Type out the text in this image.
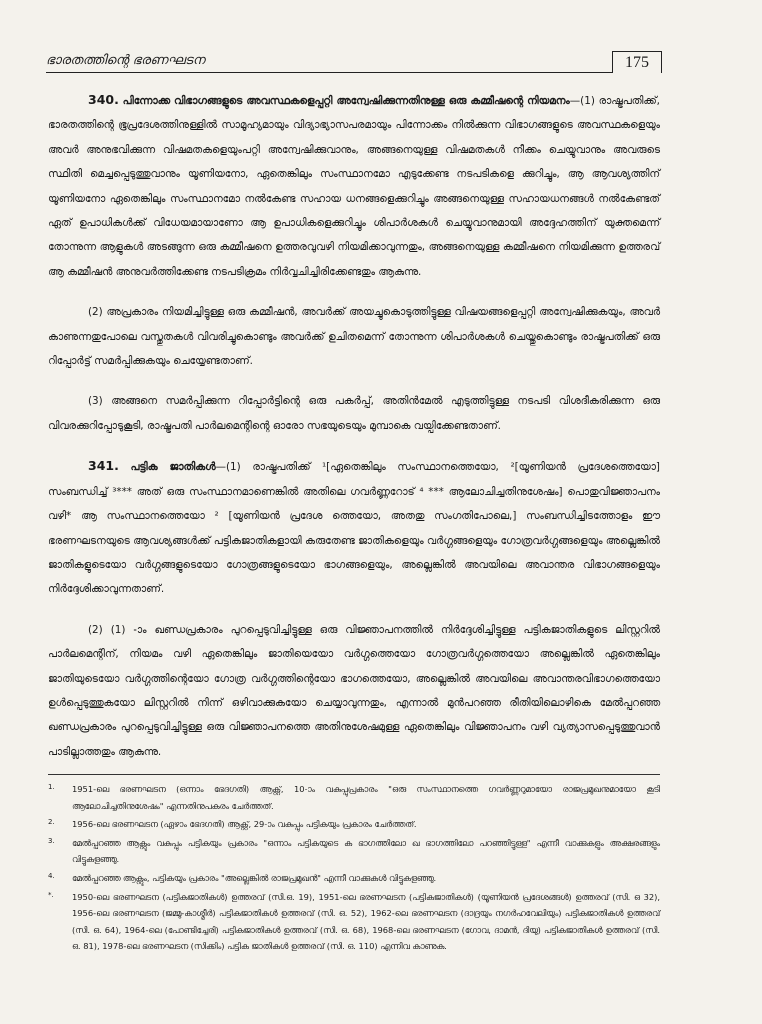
ഭാരതത്തിന്റെ ഭരണഘടന	175

340. പിന്നോക്ക വിഭാഗങ്ങളുടെ അവസ്ഥകളെപ്പറ്റി അന്വേഷിക്കുന്നതിനുള്ള ഒരു കമ്മീഷന്റെ നിയമനം—(1) രാഷ്ട്രപതിക്ക്, ഭാരതത്തിന്റെ ഭൂപ്രദേശത്തിനുള്ളിൽ സാമൂഹ്യമായും വിദ്യാഭ്യാസപരമായും പിന്നോക്കം നിൽക്കുന്ന വിഭാഗങ്ങളുടെ അവസ്ഥകളെയും അവർ അനുഭവിക്കുന്ന വിഷമതകളെയുംപറ്റി അന്വേഷിക്കുവാനും, അങ്ങനെയുള്ള വിഷമതകൾ നീക്കം ചെയ്യുവാനും അവരുടെ സ്ഥിതി മെച്ചപ്പെടുത്തുവാനും യൂണിയനോ, ഏതെങ്കിലും സംസ്ഥാനമോ എടുക്കേണ്ട നടപടികളെ ക്കുറിച്ചും, ആ ആവശ്യത്തിന് യൂണിയനോ ഏതെങ്കിലും സംസ്ഥാനമോ നൽകേണ്ട സഹായ ധനങ്ങളെക്കുറിച്ചും അങ്ങനെയുള്ള സഹായധനങ്ങൾ നൽകേണ്ടത് ഏത് ഉപാധികൾക്ക് വിധേയമായാണോ ആ ഉപാധികളെക്കുറിച്ചും ശിപാർശകൾ ചെയ്യുവാനുമായി അദ്ദേഹത്തിന് യുക്തമെന്ന് തോന്നുന്ന ആളുകൾ അടങ്ങുന്ന ഒരു കമ്മീഷനെ ഉത്തരവുവഴി നിയമിക്കാവുന്നതും, അങ്ങനെയുള്ള കമ്മീഷനെ നിയമിക്കുന്ന ഉത്തരവ് ആ കമ്മീഷൻ അനുവർത്തിക്കേണ്ട നടപടിക്രമം നിർവ്വചിച്ചിരിക്കേണ്ടതും ആകുന്നു.

(2) അപ്രകാരം നിയമിച്ചിട്ടുള്ള ഒരു കമ്മീഷൻ, അവർക്ക് അയച്ചുകൊടുത്തിട്ടുള്ള വിഷയങ്ങളെപ്പറ്റി അന്വേഷിക്കുകയും, അവർ കാണുന്നതുപോലെ വസ്തുതകൾ വിവരിച്ചുകൊണ്ടും അവർക്ക് ഉചിതമെന്ന് തോന്നുന്ന ശിപാർശകൾ ചെയ്തുകൊണ്ടും രാഷ്ട്രപതിക്ക് ഒരു റിപ്പോർട്ട് സമർപ്പിക്കുകയും ചെയ്യേണ്ടതാണ്.

(3) അങ്ങനെ സമർപ്പിക്കുന്ന റിപ്പോർട്ടിന്റെ ഒരു പകർപ്പ്, അതിൻമേൽ എടുത്തിട്ടുള്ള നടപടി വിശദീകരിക്കുന്ന ഒരു വിവരക്കുറിപ്പോടുകൂടി, രാഷ്ട്രപതി പാർലമെന്റിന്റെ ഓരോ സഭയുടെയും മുമ്പാകെ വയ്പിക്കേണ്ടതാണ്.

341. പട്ടിക ജാതികൾ—(1) രാഷ്ട്രപതിക്ക് ¹[ഏതെങ്കിലും സംസ്ഥാനത്തെയോ, ²[യൂണിയൻ പ്രദേശത്തെയോ] സംബന്ധിച്ച് ³*** അത് ഒരു സംസ്ഥാനമാണെങ്കിൽ അതിലെ ഗവർണ്ണറോട് ⁴ *** ആലോചിച്ചതിനുശേഷം] പൊതുവിജ്ഞാപനം വഴി* ആ സംസ്ഥാനത്തെയോ ² [യൂണിയൻ പ്രദേശ ത്തെയോ, അതതു സംഗതിപോലെ,] സംബന്ധിച്ചിടത്തോളം ഈ ഭരണഘടനയുടെ ആവശ്യങ്ങൾക്ക് പട്ടികജാതികളായി കരുതേണ്ട ജാതികളെയും വർഗ്ഗങ്ങളെയും ഗോത്രവർഗ്ഗങ്ങളെയും അല്ലെങ്കിൽ ജാതികളുടെയോ വർഗ്ഗങ്ങളുടെയോ ഗോത്രങ്ങളുടെയോ ഭാഗങ്ങളെയും, അല്ലെങ്കിൽ അവയിലെ അവാന്തര വിഭാഗങ്ങളെയും നിർദ്ദേശിക്കാവുന്നതാണ്.

(2) (1) -ാം ഖണ്ഡപ്രകാരം പുറപ്പെടുവിച്ചിട്ടുള്ള ഒരു വിജ്ഞാപനത്തിൽ നിർദ്ദേശിച്ചിട്ടുള്ള പട്ടികജാതികളുടെ ലിസ്റ്ററിൽ പാർലമെന്റിന്, നിയമം വഴി ഏതെങ്കിലും ജാതിയെയോ വർഗ്ഗത്തെയോ ഗോത്രവർഗ്ഗത്തെയോ അല്ലെങ്കിൽ ഏതെങ്കിലും ജാതിയുടെയോ വർഗ്ഗത്തിന്റെയോ ഗോത്ര വർഗ്ഗത്തിന്റെയോ ഭാഗത്തെയോ, അല്ലെങ്കിൽ അവയിലെ അവാന്തരവിഭാഗത്തെയോ ഉൾപ്പെടുത്തുകയോ ലിസ്റ്ററിൽ നിന്ന് ഒഴിവാക്കുകയോ ചെയ്യാവുന്നതും, എന്നാൽ മുൻപറഞ്ഞ രീതിയിലൊഴികെ മേൽപ്പറഞ്ഞ ഖണ്ഡപ്രകാരം പുറപ്പെടുവിച്ചിട്ടുള്ള ഒരു വിജ്ഞാപനത്തെ അതിനുശേഷമുള്ള ഏതെങ്കിലും വിജ്ഞാപനം വഴി വ്യത്യാസപ്പെടുത്തുവാൻ പാടില്ലാത്തതും ആകുന്നു.

1. 1951-ലെ ഭരണഘടന (ഒന്നാം ഭേദഗതി) ആക്റ്റ്, 10-ാം വകുപ്പുപ്രകാരം "ഒരു സംസ്ഥാനത്തെ ഗവർണ്ണറുമായോ രാജപ്രമുഖനുമായോ കൂടി ആലോചിച്ചതിനുശേഷം" എന്നതിനുപകരം ചേർത്തത്.

2. 1956-ലെ ഭരണഘടന (ഏഴാം ഭേദഗതി) ആക്റ്റ്, 29-ാം വകുപ്പും പട്ടികയും പ്രകാരം ചേർത്തത്.

3. മേൽപ്പറഞ്ഞ ആക്റ്റും വകുപ്പും പട്ടികയും പ്രകാരം "ഒന്നാം പട്ടികയുടെ ക ഭാഗത്തിലോ ഖ ഭാഗത്തിലോ പറഞ്ഞിട്ടുള്ള" എന്നീ വാക്കുകളും അക്ഷരങ്ങളും വിട്ടുകളഞ്ഞു.

4. മേൽപ്പറഞ്ഞ ആക്റ്റും, പട്ടികയും പ്രകാരം "അല്ലെങ്കിൽ രാജപ്രമുഖൻ" എന്നീ വാക്കുകൾ വിട്ടുകളഞ്ഞു.

*. 1950-ലെ ഭരണഘടന (പട്ടികജാതികൾ) ഉത്തരവ് (സി.ഒ. 19), 1951-ലെ ഭരണഘടന (പട്ടികജാതികൾ) (യൂണിയൻ പ്രദേശങ്ങൾ) ഉത്തരവ് (സി. ഒ 32), 1956-ലെ ഭരണഘടന (ജമ്മു-കാശ്മീർ) പട്ടികജാതികൾ ഉത്തരവ് (സി. ഒ. 52), 1962-ലെ ഭരണഘടന (ദാദ്രയും നഗർഹവേലിയും) പട്ടികജാതികൾ ഉത്തരവ് (സി. ഒ. 64), 1964-ലെ (പോണ്ടിച്ചേരി) പട്ടികജാതികൾ ഉത്തരവ് (സി. ഒ. 68), 1968-ലെ ഭരണഘടന (ഗോവ, ദാമൻ, ദിയു) പട്ടികജാതികൾ ഉത്തരവ് (സി. ഒ. 81), 1978-ലെ ഭരണഘടന (സിക്കിം) പട്ടിക ജാതികൾ ഉത്തരവ് (സി. ഒ. 110) എന്നിവ കാണുക.
